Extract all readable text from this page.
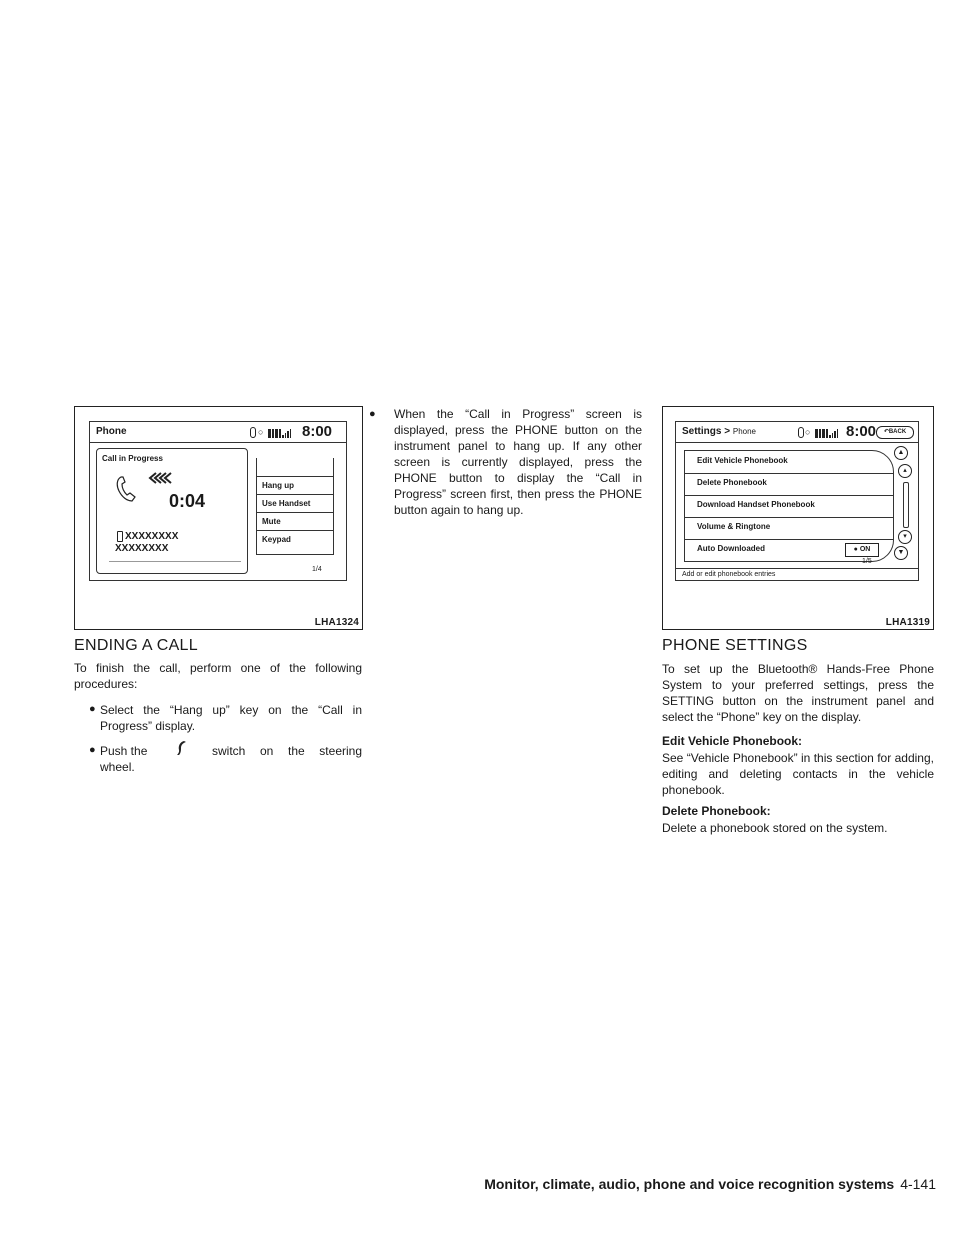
Phone	○	8:00
Call in Progress
0:04
XXXXXXXX
XXXXXXXX
Hang up
Use Handset
Mute
Keypad
1/4
LHA1324
ENDING A CALL

To finish the call, perform one of the following procedures:

● Select the “Hang up” key on the “Call in Progress” display.

● Push the	switch on the steering wheel.

● When the “Call in Progress” screen is displayed, press the PHONE button on the instrument panel to hang up. If any other screen is currently displayed, press the PHONE button to display the “Call in Progress” screen first, then press the PHONE button again to hang up.

Settings > Phone	○ 8:00	↶BACK
Edit Vehicle Phonebook
Delete Phonebook
Download Handset Phonebook
Volume & Ringtone
Auto Downloaded	● ON
▲
▴
▾
▼
1/5
Add or edit phonebook entries
LHA1319
PHONE SETTINGS

To set up the Bluetooth® Hands-Free Phone System to your preferred settings, press the SETTING button on the instrument panel and select the “Phone” key on the display.

Edit Vehicle Phonebook:

See “Vehicle Phonebook” in this section for adding, editing and deleting contacts in the vehicle phonebook.

Delete Phonebook:

Delete a phonebook stored on the system.

Monitor, climate, audio, phone and voice recognition systems 4-141
